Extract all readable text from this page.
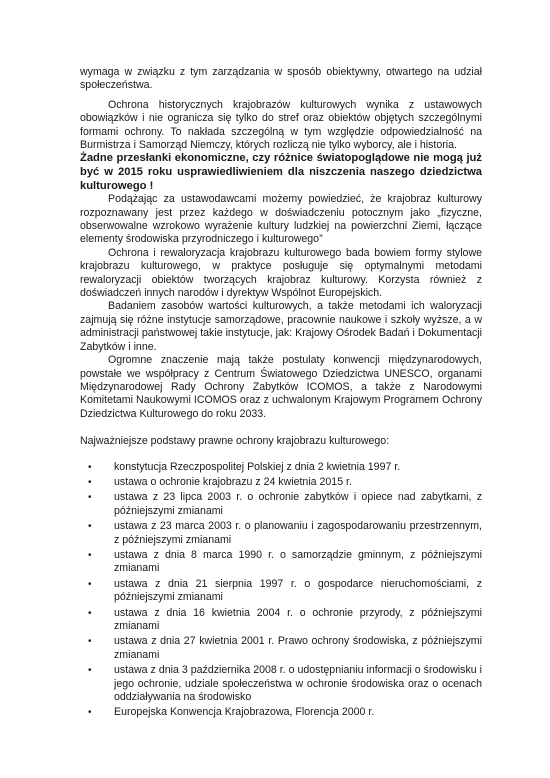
wymaga w związku z tym zarządzania w sposób obiektywny, otwartego na udział społeczeństwa.

Ochrona historycznych krajobrazów kulturowych wynika z ustawowych obowiązków i nie ogranicza się tylko do stref oraz obiektów objętych szczególnymi formami ochrony. To nakłada szczególną w tym względzie odpowiedzialność na Burmistrza i Samorząd Niemczy, których rozliczą nie tylko wyborcy, ale i historia.

Żadne przesłanki ekonomiczne, czy różnice światopoglądowe nie mogą już być w 2015 roku usprawiedliwieniem dla niszczenia naszego dziedzictwa kulturowego !

Podążając za ustawodawcami możemy powiedzieć, że krajobraz kulturowy rozpoznawany jest przez każdego w doświadczeniu potocznym jako „fizyczne, obserwowalne wzrokowo wyrażenie kultury ludzkiej na powierzchni Ziemi, łączące elementy środowiska przyrodniczego i kulturowego”

Ochrona i rewaloryzacja krajobrazu kulturowego bada bowiem formy stylowe krajobrazu kulturowego, w praktyce posługuje się optymalnymi metodami rewaloryzacji obiektów tworzących krajobraz kulturowy. Korzysta również z doświadczeń innych narodów i dyrektyw Wspólnot Europejskich.

Badaniem zasobów wartości kulturowych, a także metodami ich waloryzacji zajmują się różne instytucje samorządowe, pracownie naukowe i szkoły wyższe, a w administracji państwowej takie instytucje, jak: Krajowy Ośrodek Badań i Dokumentacji Zabytków i inne.

Ogromne znaczenie mają także postulaty konwencji międzynarodowych, powstałe we współpracy z Centrum Światowego Dziedzictwa UNESCO, organami Międzynarodowej Rady Ochrony Zabytków ICOMOS, a także z Narodowymi Komitetami Naukowymi ICOMOS oraz z uchwalonym Krajowym Programem Ochrony Dziedzictwa Kulturowego do roku 2033.

Najważniejsze podstawy prawne ochrony krajobrazu kulturowego:

• konstytucja Rzeczpospolitej Polskiej z dnia 2 kwietnia 1997 r.
• ustawa o ochronie krajobrazu z 24 kwietnia 2015 r.
• ustawa z 23 lipca 2003 r. o ochronie zabytków i opiece nad zabytkami, z późniejszymi zmianami
• ustawa z 23 marca 2003 r. o planowaniu i zagospodarowaniu przestrzennym, z późniejszymi zmianami
• ustawa z dnia 8 marca 1990 r. o samorządzie gminnym, z późniejszymi zmianami
• ustawa z dnia 21 sierpnia 1997 r. o gospodarce nieruchomościami, z późniejszymi zmianami
• ustawa z dnia 16 kwietnia 2004 r. o ochronie przyrody, z późniejszymi zmianami
• ustawa z dnia 27 kwietnia 2001 r. Prawo ochrony środowiska, z późniejszymi zmianami
• ustawa z dnia 3 października 2008 r. o udostępnianiu informacji o środowisku i jego ochronie, udziale społeczeństwa w ochronie środowiska oraz o ocenach oddziaływania na środowisko
• Europejska Konwencja Krajobrazowa, Florencja 2000 r.
